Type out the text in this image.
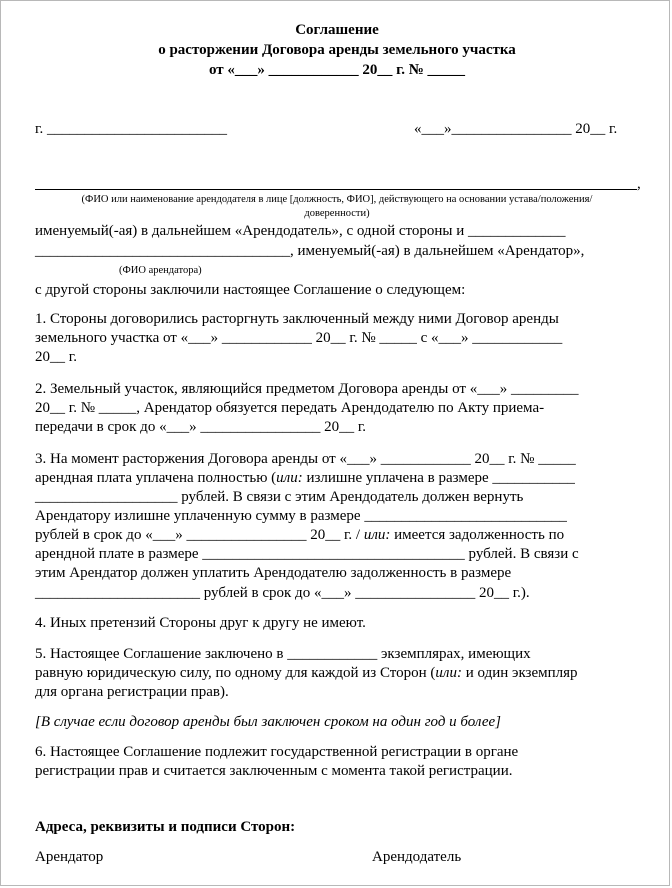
Соглашение
о расторжении Договора аренды земельного участка
от «___» ____________ 20__ г. № _____
г. ________________________	«___»________________ 20__ г.
,
(ФИО или наименование арендодателя в лице [должность, ФИО], действующего на основании устава/положения/
доверенности)
именуемый(-ая) в дальнейшем «Арендодатель», с одной стороны и _____________
__________________________________, именуемый(-ая) в дальнейшем «Арендатор»,
(ФИО арендатора)
с другой стороны заключили настоящее Соглашение о следующем:
1. Стороны договорились расторгнуть заключенный между ними Договор аренды
земельного участка от «___» ____________ 20__ г. № _____ с «___» ____________
20__ г.
2. Земельный участок, являющийся предметом Договора аренды от «___» _________
20__ г. № _____, Арендатор обязуется передать Арендодателю по Акту приема-
передачи в срок до «___» ________________ 20__ г.
3. На момент расторжения Договора аренды от «___» ____________ 20__ г. № _____
арендная плата уплачена полностью (или: излишне уплачена в размере ___________
___________________ рублей. В связи с этим Арендодатель должен вернуть
Арендатору излишне уплаченную сумму в размере ___________________________
рублей в срок до «___» ________________ 20__ г. / или: имеется задолженность по
арендной плате в размере ___________________________________ рублей. В связи с
этим Арендатор должен уплатить Арендодателю задолженность в размере
______________________ рублей в срок до «___» ________________ 20__ г.).
4. Иных претензий Стороны друг к другу не имеют.
5. Настоящее Соглашение заключено в ____________ экземплярах, имеющих
равную юридическую силу, по одному для каждой из Сторон (или: и один экземпляр
для органа регистрации прав).
[В случае если договор аренды был заключен сроком на один год и более]
6. Настоящее Соглашение подлежит государственной регистрации в органе
регистрации прав и считается заключенным с момента такой регистрации.
Адреса, реквизиты и подписи Сторон:
Арендатор	Арендодатель
